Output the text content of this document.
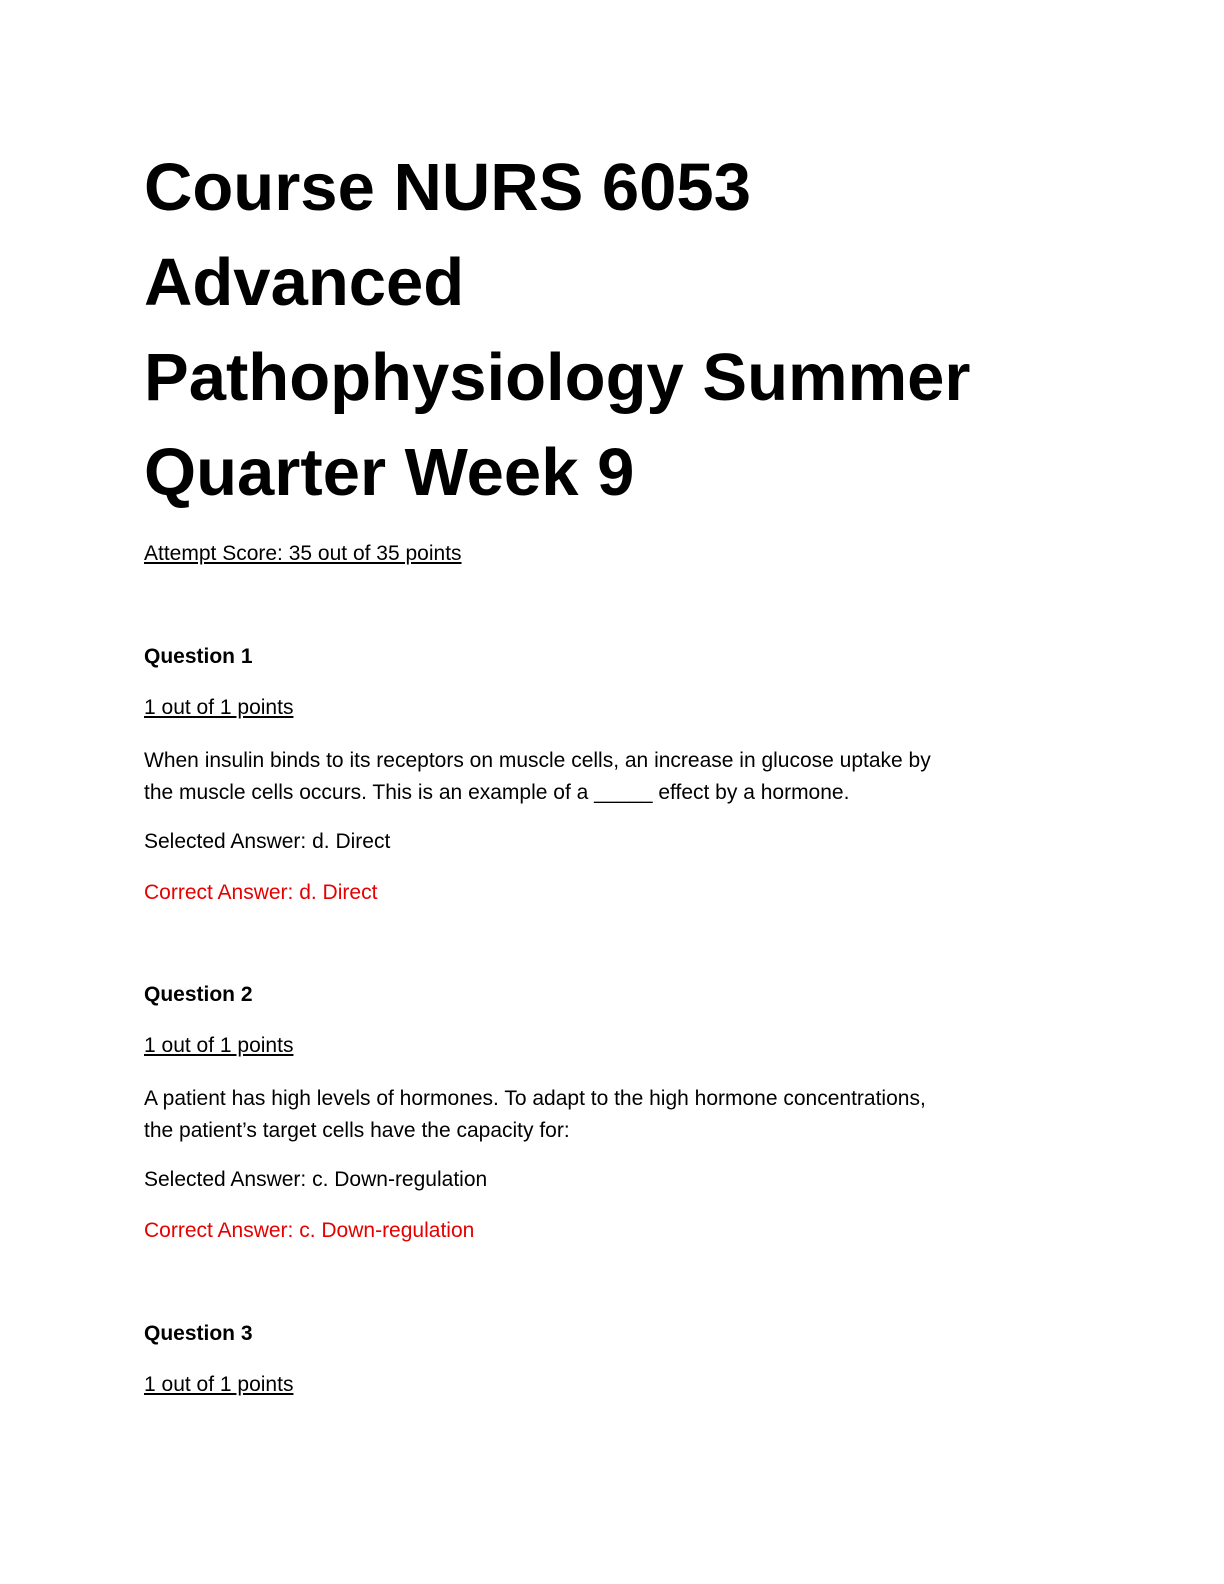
Course NURS 6053
Advanced
Pathophysiology Summer
Quarter Week 9
Attempt Score: 35 out of 35 points
Question 1
1 out of 1 points
When insulin binds to its receptors on muscle cells, an increase in glucose uptake by
the muscle cells occurs. This is an example of a _____ effect by a hormone.
Selected Answer: d. Direct
Correct Answer: d. Direct
Question 2
1 out of 1 points
A patient has high levels of hormones. To adapt to the high hormone concentrations,
the patient’s target cells have the capacity for:
Selected Answer: c. Down-regulation
Correct Answer: c. Down-regulation
Question 3
1 out of 1 points
